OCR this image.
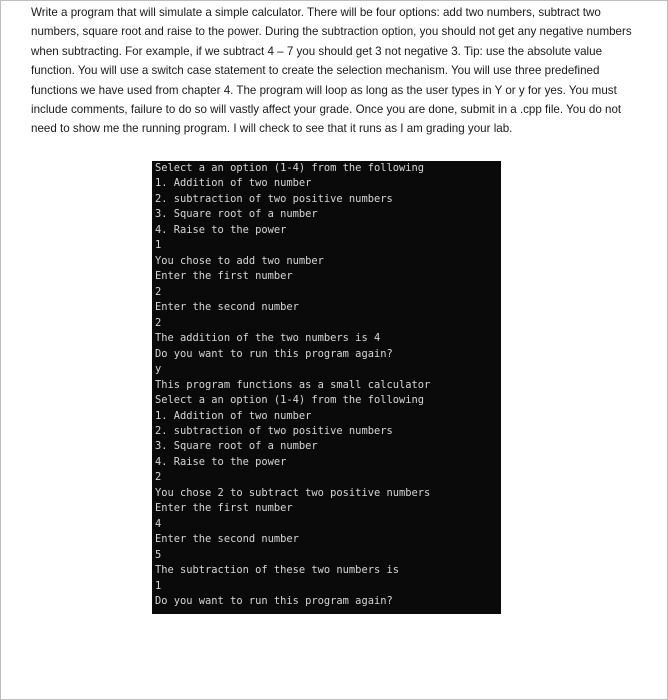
Write a program that will simulate a simple calculator. There will be four options: add two numbers, subtract two numbers, square root and raise to the power. During the subtraction option, you should not get any negative numbers when subtracting. For example, if we subtract 4 – 7 you should get 3 not negative 3. Tip: use the absolute value function. You will use a switch case statement to create the selection mechanism. You will use three predefined functions we have used from chapter 4. The program will loop as long as the user types in Y or y for yes. You must include comments, failure to do so will vastly affect your grade. Once you are done, submit in a .cpp file. You do not need to show me the running program. I will check to see that it runs as I am grading your lab.

Select a an option (1-4) from the following
1. Addition of two number
2. subtraction of two positive numbers
3. Square root of a number
4. Raise to the power
1
You chose to add two number
Enter the first number
2
Enter the second number
2
The addition of the two numbers is 4
Do you want to run this program again?
y
This program functions as a small calculator
Select a an option (1-4) from the following
1. Addition of two number
2. subtraction of two positive numbers
3. Square root of a number
4. Raise to the power
2
You chose 2 to subtract two positive numbers
Enter the first number
4
Enter the second number
5
The subtraction of these two numbers is
1
Do you want to run this program again?
